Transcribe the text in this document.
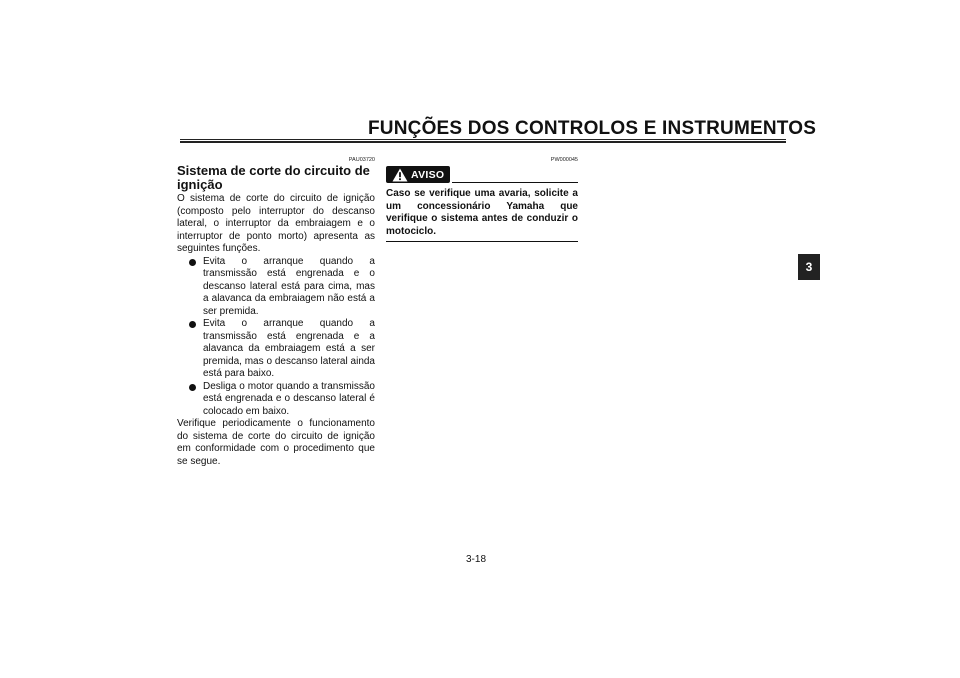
FUNÇÕES DOS CONTROLOS E INSTRUMENTOS
3
PAU03720
Sistema de corte do circuito de ignição

O sistema de corte do circuito de ignição (composto pelo interruptor do descanso lateral, o interruptor da embraiagem e o interruptor de ponto morto) apresenta as seguintes funções.

Evita o arranque quando a transmissão está engrenada e o descanso lateral está para cima, mas a alavanca da embraiagem não está a ser premida.
Evita o arranque quando a transmissão está engrenada e a alavanca da embraiagem está a ser premida, mas o descanso lateral ainda está para baixo.
Desliga o motor quando a transmissão está engrenada e o descanso lateral é colocado em baixo.

Verifique periodicamente o funcionamento do sistema de corte do circuito de ignição em conformidade com o procedimento que se segue.

PW000045
AVISO

Caso se verifique uma avaria, solicite a um concessionário Yamaha que verifique o sistema antes de conduzir o motociclo.

3-18
